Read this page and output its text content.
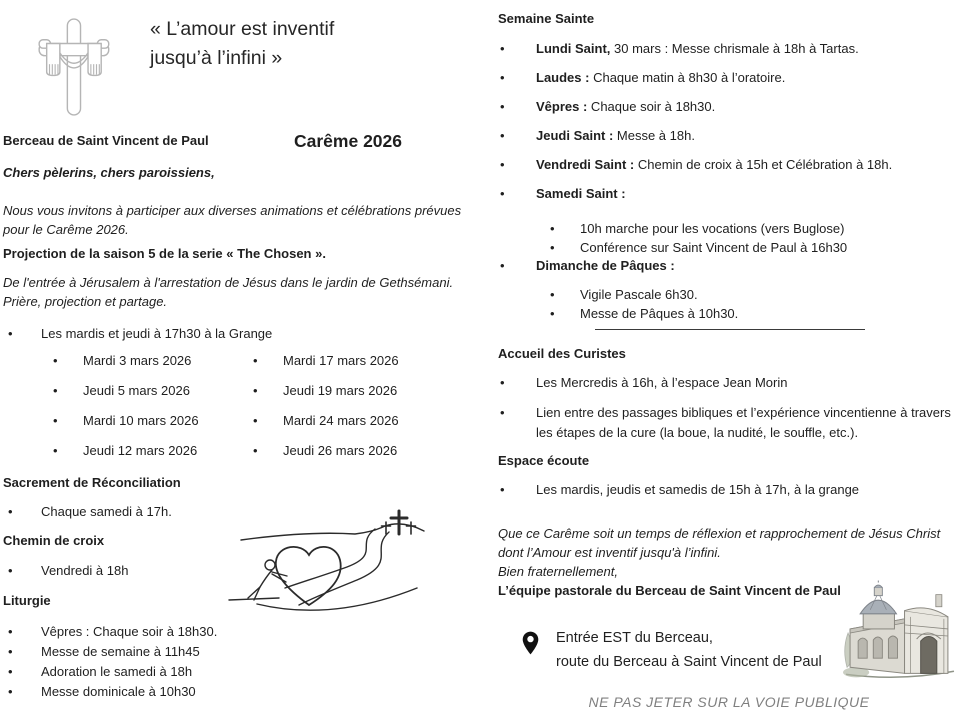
« L’amour est inventif jusqu’à l’infini »
Carême 2026

Berceau de Saint Vincent de Paul

Chers pèlerins, chers paroissiens,

Nous vous invitons à participer aux diverses animations et célébrations prévues pour le Carême 2026.

Projection de la saison 5 de la serie « The Chosen ».

De l'entrée à Jérusalem à l'arrestation de Jésus dans le jardin de Gethsémani. Prière, projection et partage.

•
Les mardis et jeudi à 17h30 à la Grange
•
Mardi 3 mars 2026 •	Mardi 17 mars 2026
•
Jeudi 5 mars 2026 •	Jeudi 19 mars 2026
•
Mardi 10 mars 2026 •	Mardi 24 mars 2026
•
Jeudi 12 mars 2026 •	Jeudi 26 mars 2026

Sacrement de Réconciliation

•
Chaque samedi à 17h.

Chemin de croix

•
Vendredi à 18h

Liturgie

•
Vêpres : Chaque soir à 18h30.
•
Messe de semaine à 11h45
•
Adoration le samedi à 18h
•
Messe dominicale à 10h30

Semaine Sainte

•
Lundi Saint, 30 mars : Messe chrismale à 18h à Tartas.
•
Laudes : Chaque matin à 8h30 à l’oratoire.
•
Vêpres : Chaque soir à 18h30.
•
Jeudi Saint : Messe à 18h.
•
Vendredi Saint : Chemin de croix à 15h et Célébration à 18h.
•
Samedi Saint :
•
10h marche pour les vocations (vers Buglose)
•
Conférence sur Saint Vincent de Paul à 16h30
•
Dimanche de Pâques :
•
Vigile Pascale 6h30.
•
Messe de Pâques à 10h30.

Accueil des Curistes

•
Les Mercredis à 16h, à l’espace Jean Morin
•
Lien entre des passages bibliques et l’expérience vincentienne à travers les étapes de la cure (la boue, la nudité, le souffle, etc.).

Espace écoute

•
Les mardis, jeudis et samedis de 15h à 17h, à la grange

Que ce Carême soit un temps de réflexion et rapprochement de Jésus Christ dont l’Amour est inventif jusqu'à l’infini.

Bien fraternellement,

L’équipe pastorale du Berceau de Saint Vincent de Paul

Entrée EST du Berceau,

route du Berceau à Saint Vincent de Paul

NE PAS JETER SUR LA VOIE PUBLIQUE
